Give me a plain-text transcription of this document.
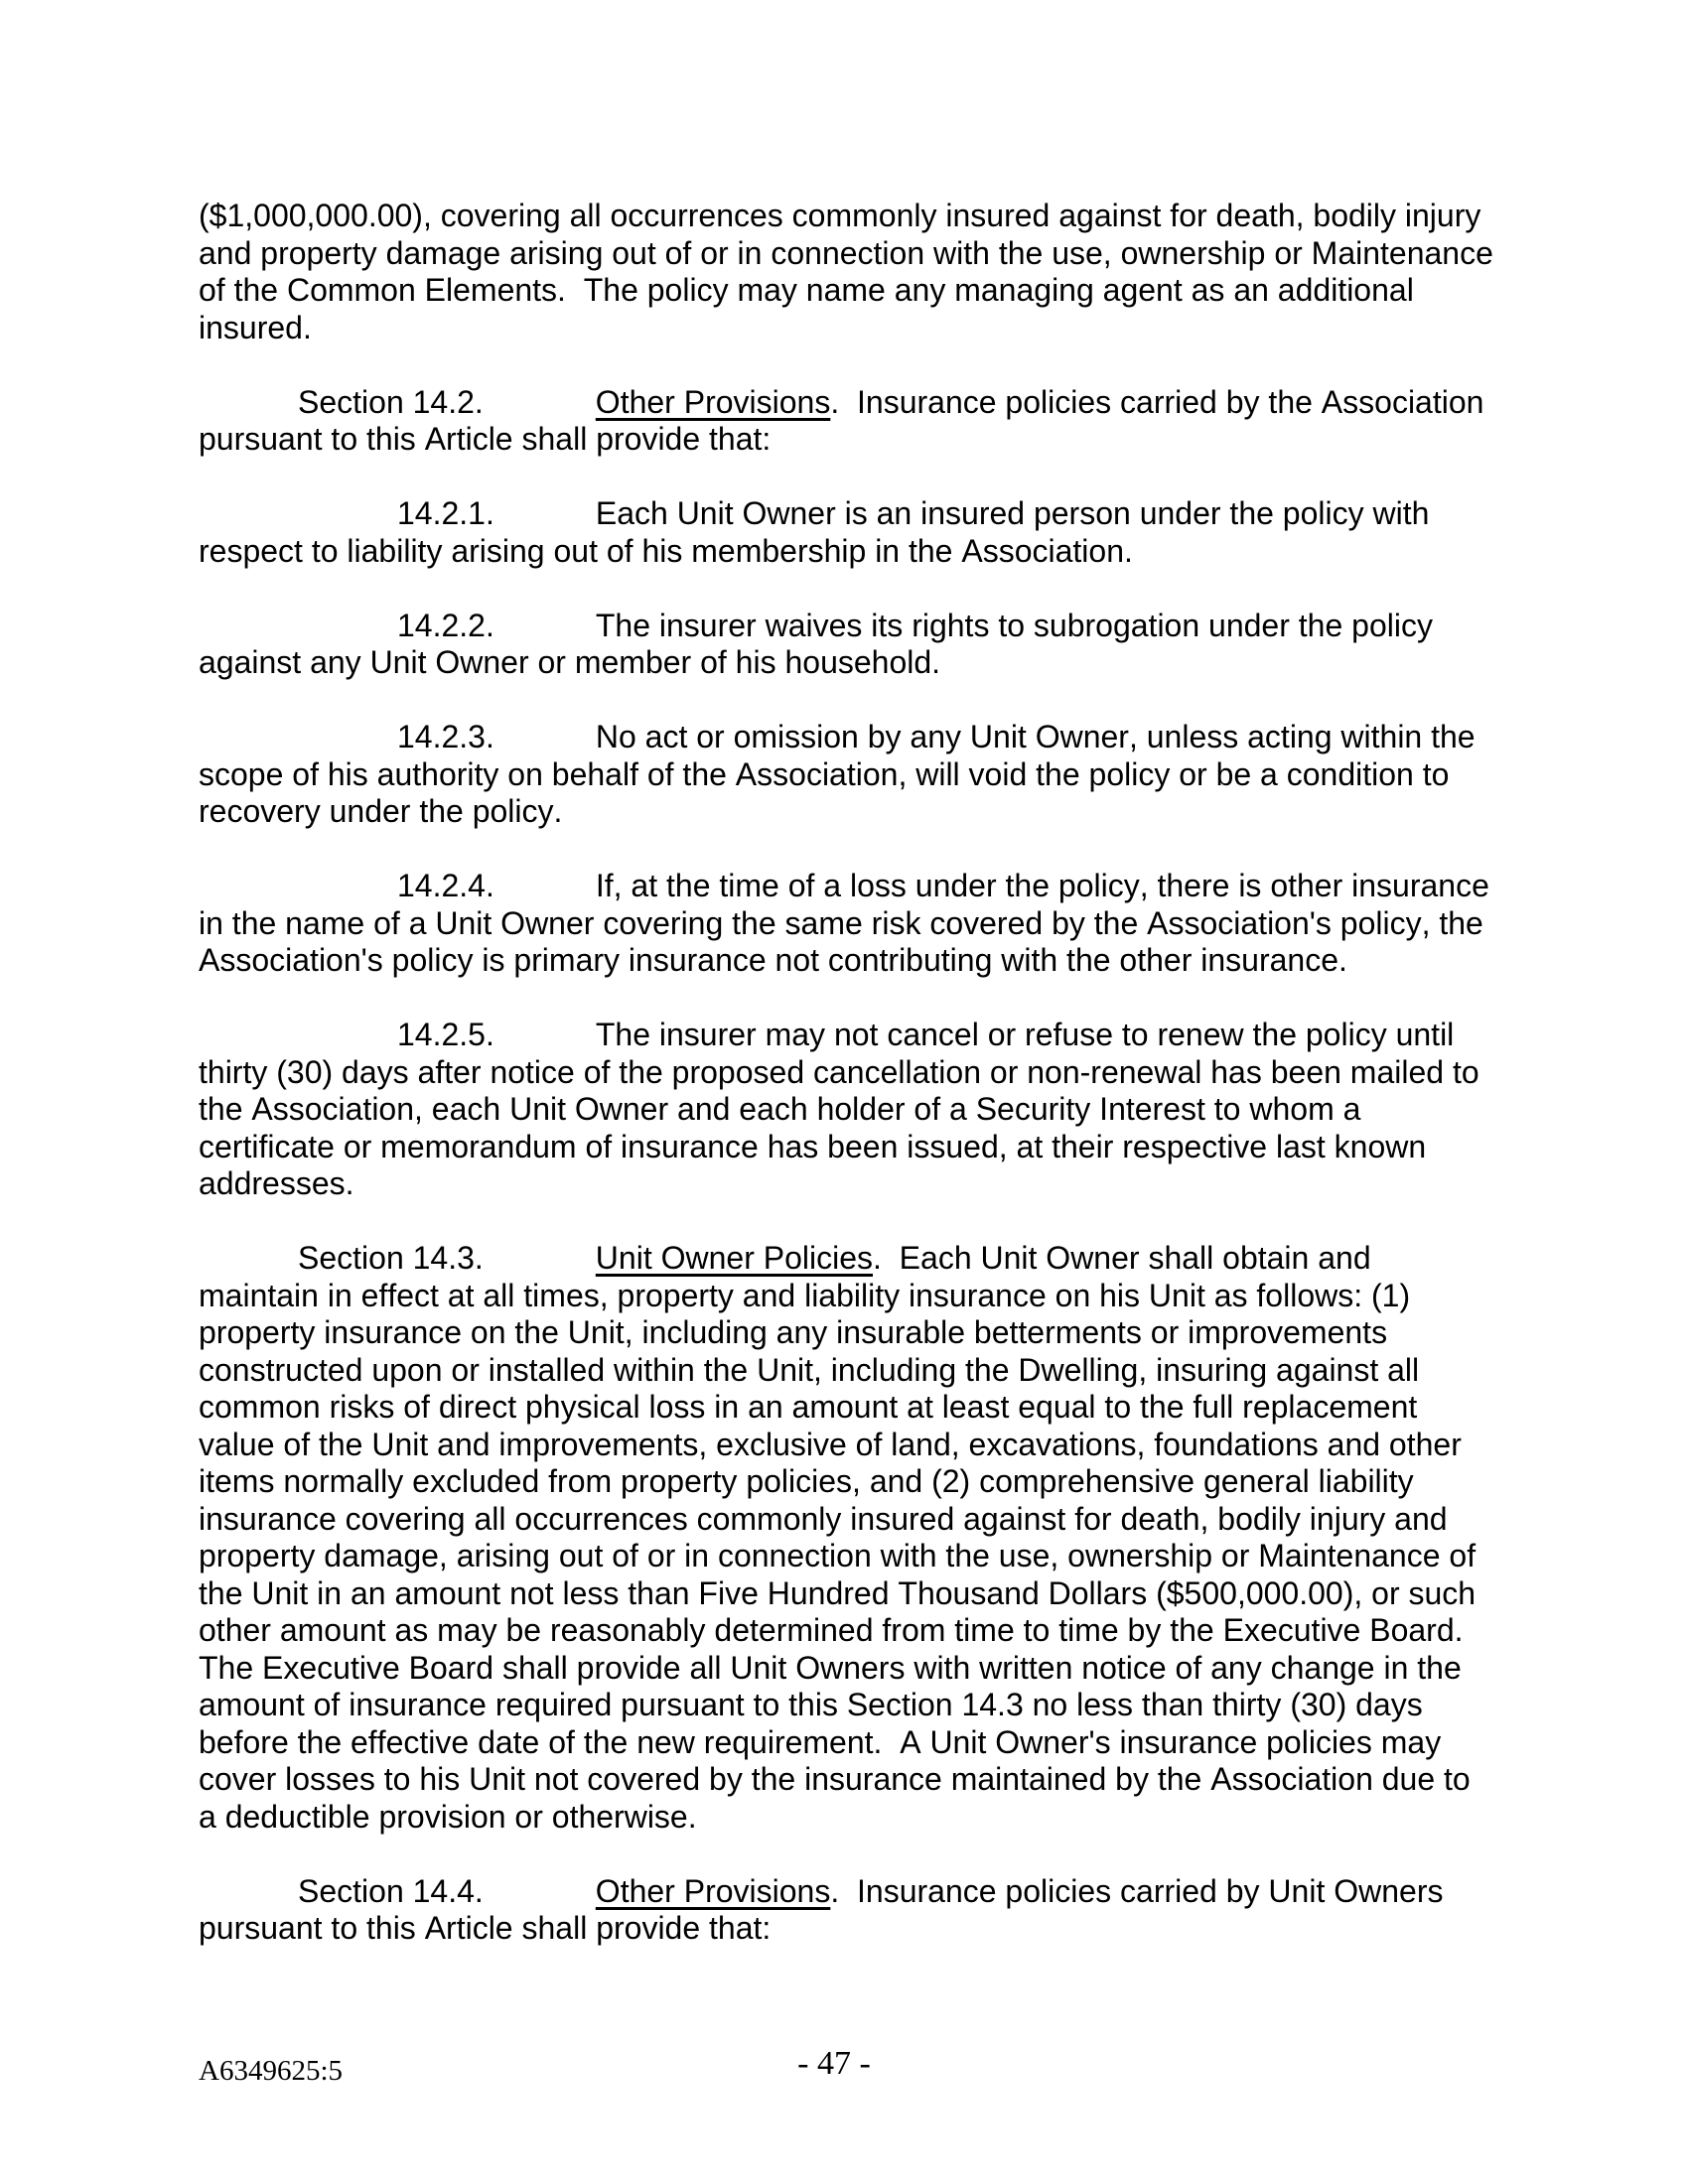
($1,000,000.00), covering all occurrences commonly insured against for death, bodily injury and property damage arising out of or in connection with the use, ownership or Maintenance of the Common Elements.  The policy may name any managing agent as an additional insured.

Section 14.2.	Other Provisions.  Insurance policies carried by the Association pursuant to this Article shall provide that:

14.2.1.	Each Unit Owner is an insured person under the policy with respect to liability arising out of his membership in the Association.

14.2.2.	The insurer waives its rights to subrogation under the policy against any Unit Owner or member of his household.

14.2.3.	No act or omission by any Unit Owner, unless acting within the scope of his authority on behalf of the Association, will void the policy or be a condition to recovery under the policy.

14.2.4.	If, at the time of a loss under the policy, there is other insurance in the name of a Unit Owner covering the same risk covered by the Association's policy, the Association's policy is primary insurance not contributing with the other insurance.

14.2.5.	The insurer may not cancel or refuse to renew the policy until thirty (30) days after notice of the proposed cancellation or non-renewal has been mailed to the Association, each Unit Owner and each holder of a Security Interest to whom a certificate or memorandum of insurance has been issued, at their respective last known addresses.

Section 14.3.	Unit Owner Policies.  Each Unit Owner shall obtain and maintain in effect at all times, property and liability insurance on his Unit as follows: (1) property insurance on the Unit, including any insurable betterments or improvements constructed upon or installed within the Unit, including the Dwelling, insuring against all common risks of direct physical loss in an amount at least equal to the full replacement value of the Unit and improvements, exclusive of land, excavations, foundations and other items normally excluded from property policies, and (2) comprehensive general liability insurance covering all occurrences commonly insured against for death, bodily injury and property damage, arising out of or in connection with the use, ownership or Maintenance of the Unit in an amount not less than Five Hundred Thousand Dollars ($500,000.00), or such other amount as may be reasonably determined from time to time by the Executive Board.  The Executive Board shall provide all Unit Owners with written notice of any change in the amount of insurance required pursuant to this Section 14.3 no less than thirty (30) days before the effective date of the new requirement.  A Unit Owner's insurance policies may cover losses to his Unit not covered by the insurance maintained by the Association due to a deductible provision or otherwise.

Section 14.4.	Other Provisions.  Insurance policies carried by Unit Owners pursuant to this Article shall provide that:

A6349625:5	- 47 -
